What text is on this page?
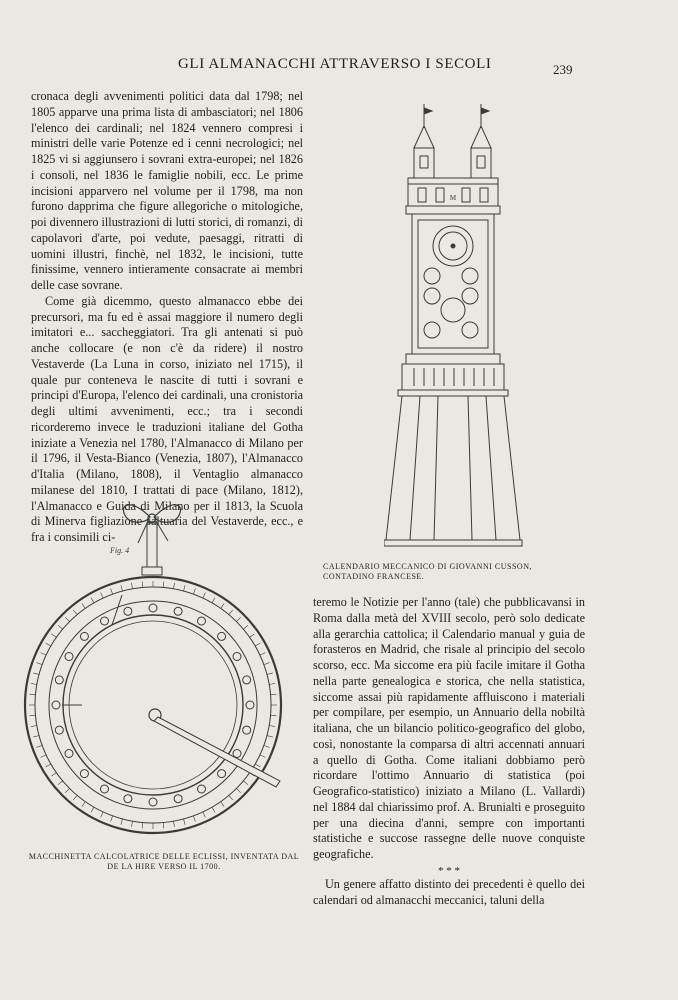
GLI ALMANACCHI ATTRAVERSO I SECOLI	239

cronaca degli avvenimenti politici data dal 1798; nel 1805 apparve una prima lista di ambasciatori; nel 1806 l'elenco dei cardinali; nel 1824 vennero compresi i ministri delle varie Potenze ed i cenni necrologici; nel 1825 vi si aggiunsero i sovrani extra-europei; nel 1826 i consoli, nel 1836 le famiglie nobili, ecc. Le prime incisioni apparvero nel volume per il 1798, ma non furono dapprima che figure allegoriche o mitologiche, poi divennero illustrazioni di lutti storici, di romanzi, di capolavori d'arte, poi vedute, paesaggi, ritratti di uomini illustri, finchè, nel 1832, le incisioni, tutte finissime, vennero intieramente consacrate ai membri delle case sovrane.

Come già dicemmo, questo almanacco ebbe dei precursori, ma fu ed è assai maggiore il numero degli imitatori e... saccheggiatori. Tra gli antenati si può anche collocare (e non c'è da ridere) il nostro Vestaverde (La Luna in corso, iniziato nel 1715), il quale pur conteneva le nascite di tutti i sovrani e principi d'Europa, l'elenco dei cardinali, una cronistoria degli ultimi avvenimenti, ecc.; tra i secondi ricorderemo invece le traduzioni italiane del Gotha iniziate a Venezia nel 1780, l'Almanacco di Milano per il 1796, il Vesta-Bianco (Venezia, 1807), l'Almanacco d'Italia (Milano, 1808), il Ventaglio almanacco milanese del 1810, I trattati di pace (Milano, 1812), l'Almanacco e Guida di Milano per il 1813, la Scuola di Minerva figliazione saltuaria del Vestaverde, ecc., e fra i consimili ci-

M
CALENDARIO MECCANICO DI GIOVANNI CUSSON, CONTADINO FRANCESE.
Fig. 4
MACCHINETTA CALCOLATRICE DELLE ECLISSI, INVENTATA DAL DE LA HIRE VERSO IL 1700.

teremo le Notizie per l'anno (tale) che pubblicavansi in Roma dalla metà del XVIII secolo, però solo dedicate alla gerarchia cattolica; il Calendario manual y guia de forasteros en Madrid, che risale al principio del secolo scorso, ecc. Ma siccome era più facile imitare il Gotha nella parte genealogica e storica, che nella statistica, siccome assai più rapidamente affluiscono i materiali per compilare, per esempio, un Annuario della nobiltà italiana, che un bilancio politico-geografico del globo, così, nonostante la comparsa di altri accennati annuari a quello di Gotha. Come italiani dobbiamo però ricordare l'ottimo Annuario di statistica (poi Geografico-statistico) iniziato a Milano (L. Vallardi) nel 1884 dal chiarissimo prof. A. Brunialti e proseguito per una diecina d'anni, sempre con importanti statistiche e succose rassegne delle nuove conquiste geografiche.

* * *

Un genere affatto distinto dei precedenti è quello dei calendari od almanacchi meccanici, taluni della
